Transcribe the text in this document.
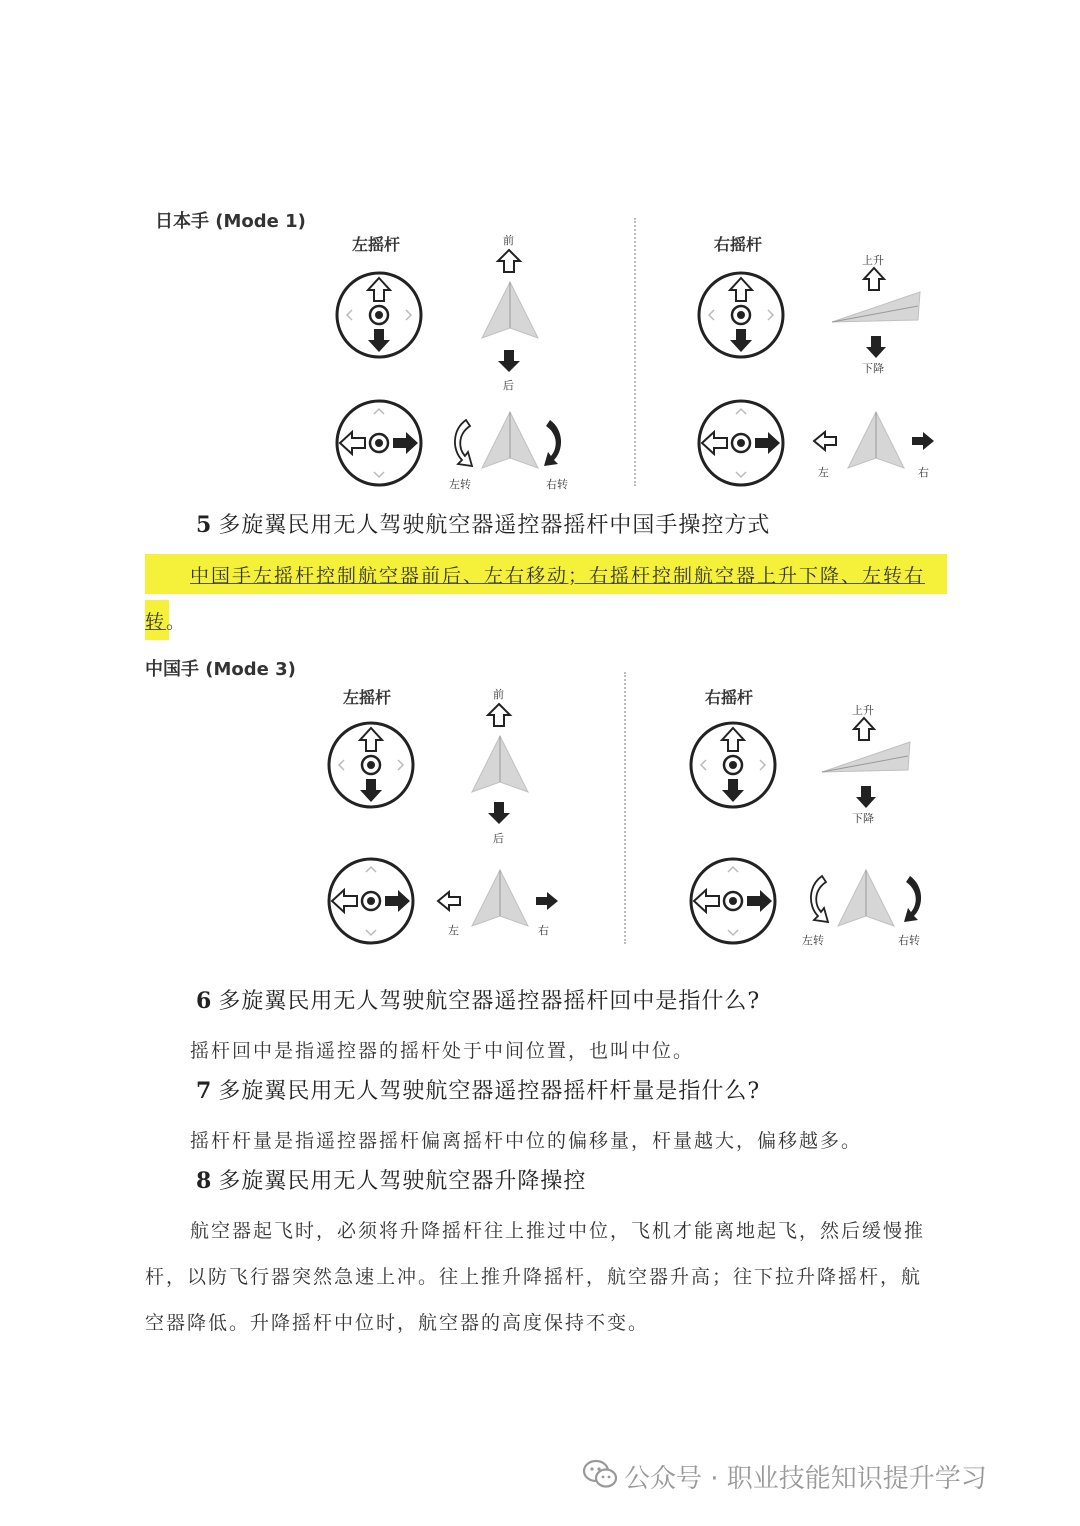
日本手 (Mode 1)
左摇杆	前
后
左转	右转
右摇杆
上升
下降
左	右
5 多旋翼民用无人驾驶航空器遥控器摇杆中国手操控方式
中国手左摇杆控制航空器前后、左右移动；右摇杆控制航空器上升下降、左转右
转。
中国手 (Mode 3)
左摇杆	前
后
左	右
右摇杆
上升
下降
左转	右转
6 多旋翼民用无人驾驶航空器遥控器摇杆回中是指什么?
摇杆回中是指遥控器的摇杆处于中间位置，也叫中位。
7 多旋翼民用无人驾驶航空器遥控器摇杆杆量是指什么?
摇杆杆量是指遥控器摇杆偏离摇杆中位的偏移量，杆量越大，偏移越多。
8 多旋翼民用无人驾驶航空器升降操控
航空器起飞时，必须将升降摇杆往上推过中位，飞机才能离地起飞，然后缓慢推
杆，以防飞行器突然急速上冲。往上推升降摇杆，航空器升高；往下拉升降摇杆，航
空器降低。升降摇杆中位时，航空器的高度保持不变。
公众号 · 职业技能知识提升学习
